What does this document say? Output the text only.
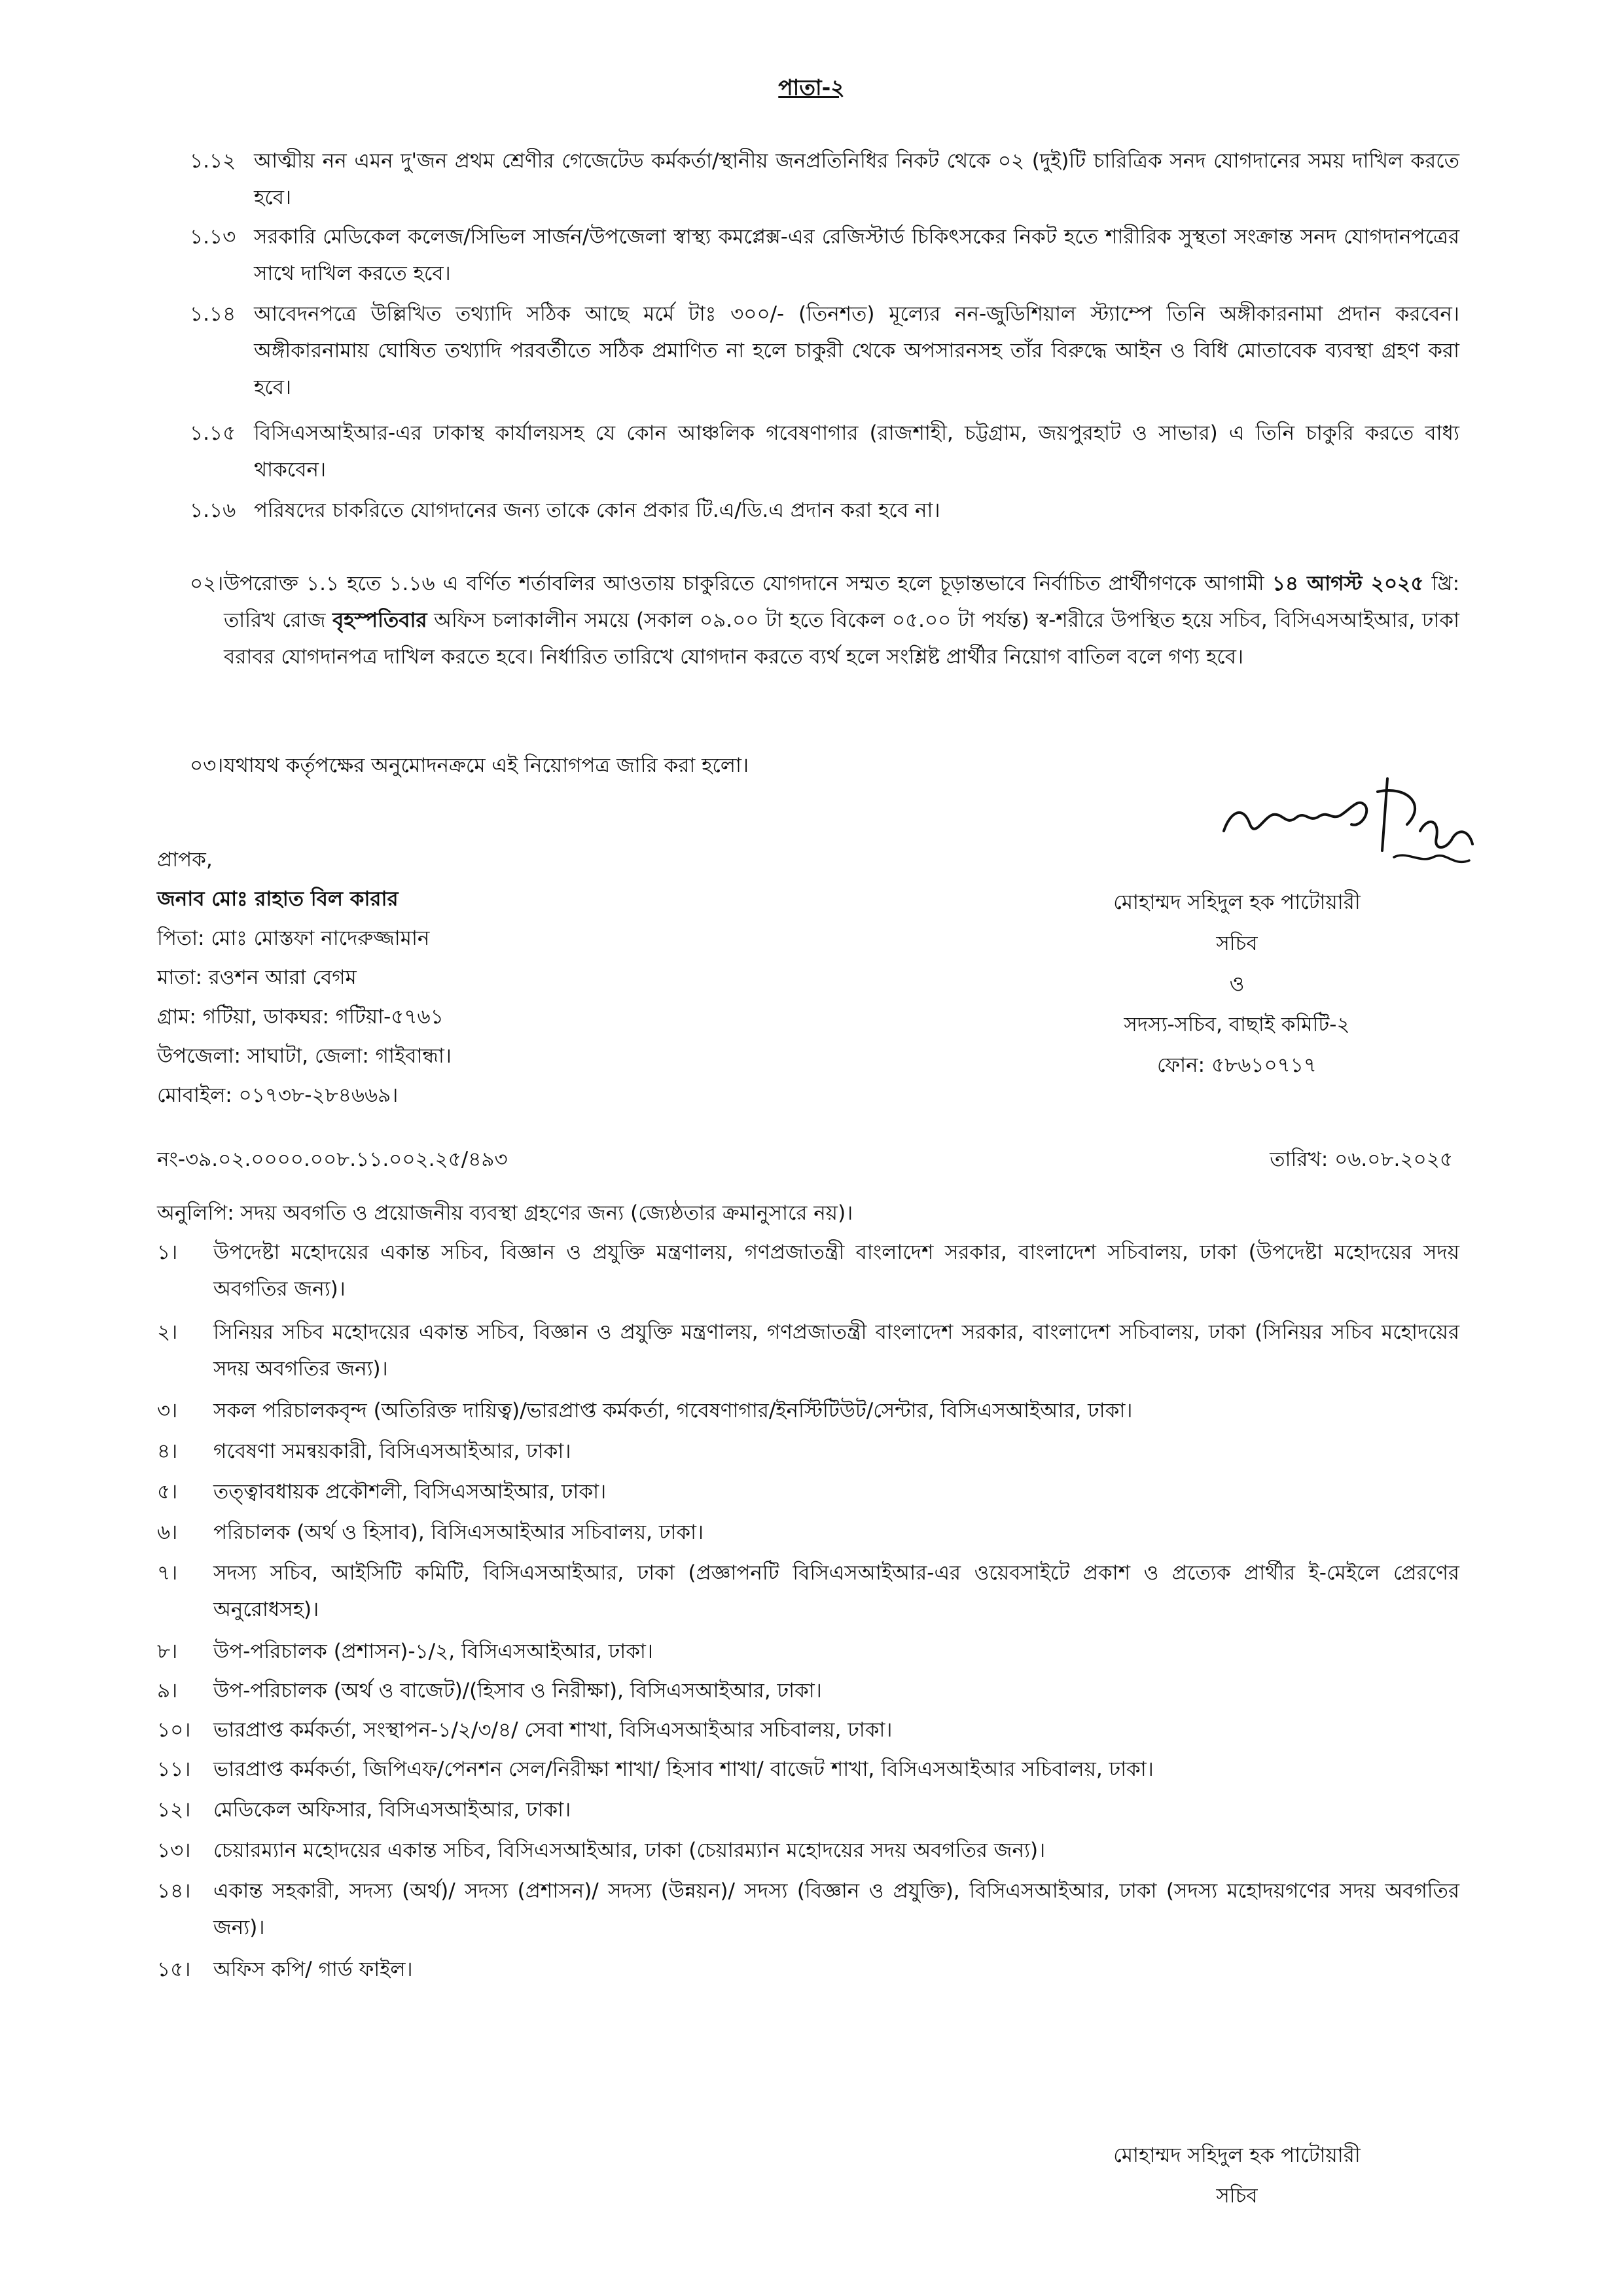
পাতা-২
১.১২ আত্মীয় নন এমন দু'জন প্রথম শ্রেণীর গেজেটেড কর্মকর্তা/স্থানীয় জনপ্রতিনিধির নিকট থেকে ০২ (দুই)টি চারিত্রিক সনদ যোগদানের সময় দাখিল করতে হবে।
১.১৩ সরকারি মেডিকেল কলেজ/সিভিল সার্জন/উপজেলা স্বাস্থ্য কমপ্লেক্স-এর রেজিস্টার্ড চিকিৎসকের নিকট হতে শারীরিক সুস্থতা সংক্রান্ত সনদ যোগদানপত্রের সাথে দাখিল করতে হবে।
১.১৪ আবেদনপত্রে উল্লিখিত তথ্যাদি সঠিক আছে মর্মে টাঃ ৩০০/- (তিনশত) মূল্যের নন-জুডিশিয়াল স্ট্যাম্পে তিনি অঙ্গীকারনামা প্রদান করবেন। অঙ্গীকারনামায় ঘোষিত তথ্যাদি পরবর্তীতে সঠিক প্রমাণিত না হলে চাকুরী থেকে অপসারনসহ তাঁর বিরুদ্ধে আইন ও বিধি মোতাবেক ব্যবস্থা গ্রহণ করা হবে।
১.১৫ বিসিএসআইআর-এর ঢাকাস্থ কার্যালয়সহ যে কোন আঞ্চলিক গবেষণাগার (রাজশাহী, চট্টগ্রাম, জয়পুরহাট ও সাভার) এ তিনি চাকুরি করতে বাধ্য থাকবেন।
১.১৬ পরিষদের চাকরিতে যোগদানের জন্য তাকে কোন প্রকার টি.এ/ডি.এ প্রদান করা হবে না।
০২। উপরোক্ত ১.১ হতে ১.১৬ এ বর্ণিত শর্তাবলির আওতায় চাকুরিতে যোগদানে সম্মত হলে চূড়ান্তভাবে নির্বাচিত প্রার্থীগণকে আগামী ১৪ আগস্ট ২০২৫ খ্রি: তারিখ রোজ বৃহস্পতিবার অফিস চলাকালীন সময়ে (সকাল ০৯.০০ টা হতে বিকেল ০৫.০০ টা পর্যন্ত) স্ব-শরীরে উপস্থিত হয়ে সচিব, বিসিএসআইআর, ঢাকা বরাবর যোগদানপত্র দাখিল করতে হবে। নির্ধারিত তারিখে যোগদান করতে ব্যর্থ হলে সংশ্লিষ্ট প্রার্থীর নিয়োগ বাতিল বলে গণ্য হবে।
০৩। যথাযথ কর্তৃপক্ষের অনুমোদনক্রমে এই নিয়োগপত্র জারি করা হলো।
প্রাপক,
জনাব মোঃ রাহাত বিল কারার
পিতা: মোঃ মোস্তফা নাদেরুজ্জামান
মাতা: রওশন আরা বেগম
গ্রাম: গটিয়া, ডাকঘর: গটিয়া-৫৭৬১
উপজেলা: সাঘাটা, জেলা: গাইবান্ধা।
মোবাইল: ০১৭৩৮-২৮৪৬৬৯।
মোহাম্মদ সহিদুল হক পাটোয়ারী
সচিব
ও
সদস্য-সচিব, বাছাই কমিটি-২
ফোন: ৫৮৬১০৭১৭
নং-৩৯.০২.০০০০.০০৮.১১.০০২.২৫/৪৯৩	তারিখ: ০৬.০৮.২০২৫
অনুলিপি: সদয় অবগতি ও প্রয়োজনীয় ব্যবস্থা গ্রহণের জন্য (জ্যেষ্ঠতার ক্রমানুসারে নয়)।
১।	উপদেষ্টা মহোদয়ের একান্ত সচিব, বিজ্ঞান ও প্রযুক্তি মন্ত্রণালয়, গণপ্রজাতন্ত্রী বাংলাদেশ সরকার, বাংলাদেশ সচিবালয়, ঢাকা (উপদেষ্টা মহোদয়ের সদয় অবগতির জন্য)।
২।	সিনিয়র সচিব মহোদয়ের একান্ত সচিব, বিজ্ঞান ও প্রযুক্তি মন্ত্রণালয়, গণপ্রজাতন্ত্রী বাংলাদেশ সরকার, বাংলাদেশ সচিবালয়, ঢাকা (সিনিয়র সচিব মহোদয়ের সদয় অবগতির জন্য)।
৩।	সকল পরিচালকবৃন্দ (অতিরিক্ত দায়িত্ব)/ভারপ্রাপ্ত কর্মকর্তা, গবেষণাগার/ইনস্টিটিউট/সেন্টার, বিসিএসআইআর, ঢাকা।
৪।	গবেষণা সমন্বয়কারী, বিসিএসআইআর, ঢাকা।
৫।	তত্ত্বাবধায়ক প্রকৌশলী, বিসিএসআইআর, ঢাকা।
৬।	পরিচালক (অর্থ ও হিসাব), বিসিএসআইআর সচিবালয়, ঢাকা।
৭।	সদস্য সচিব, আইসিটি কমিটি, বিসিএসআইআর, ঢাকা (প্রজ্ঞাপনটি বিসিএসআইআর-এর ওয়েবসাইটে প্রকাশ ও প্রত্যেক প্রার্থীর ই-মেইলে প্রেরণের অনুরোধসহ)।
৮।	উপ-পরিচালক (প্রশাসন)-১/২, বিসিএসআইআর, ঢাকা।
৯।	উপ-পরিচালক (অর্থ ও বাজেট)/(হিসাব ও নিরীক্ষা), বিসিএসআইআর, ঢাকা।
১০।	ভারপ্রাপ্ত কর্মকর্তা, সংস্থাপন-১/২/৩/৪/ সেবা শাখা, বিসিএসআইআর সচিবালয়, ঢাকা।
১১।	ভারপ্রাপ্ত কর্মকর্তা, জিপিএফ/পেনশন সেল/নিরীক্ষা শাখা/ হিসাব শাখা/ বাজেট শাখা, বিসিএসআইআর সচিবালয়, ঢাকা।
১২।	মেডিকেল অফিসার, বিসিএসআইআর, ঢাকা।
১৩।	চেয়ারম্যান মহোদয়ের একান্ত সচিব, বিসিএসআইআর, ঢাকা (চেয়ারম্যান মহোদয়ের সদয় অবগতির জন্য)।
১৪।	একান্ত সহকারী, সদস্য (অর্থ)/ সদস্য (প্রশাসন)/ সদস্য (উন্নয়ন)/ সদস্য (বিজ্ঞান ও প্রযুক্তি), বিসিএসআইআর, ঢাকা (সদস্য মহোদয়গণের সদয় অবগতির জন্য)।
১৫।	অফিস কপি/ গার্ড ফাইল।
মোহাম্মদ সহিদুল হক পাটোয়ারী
সচিব
